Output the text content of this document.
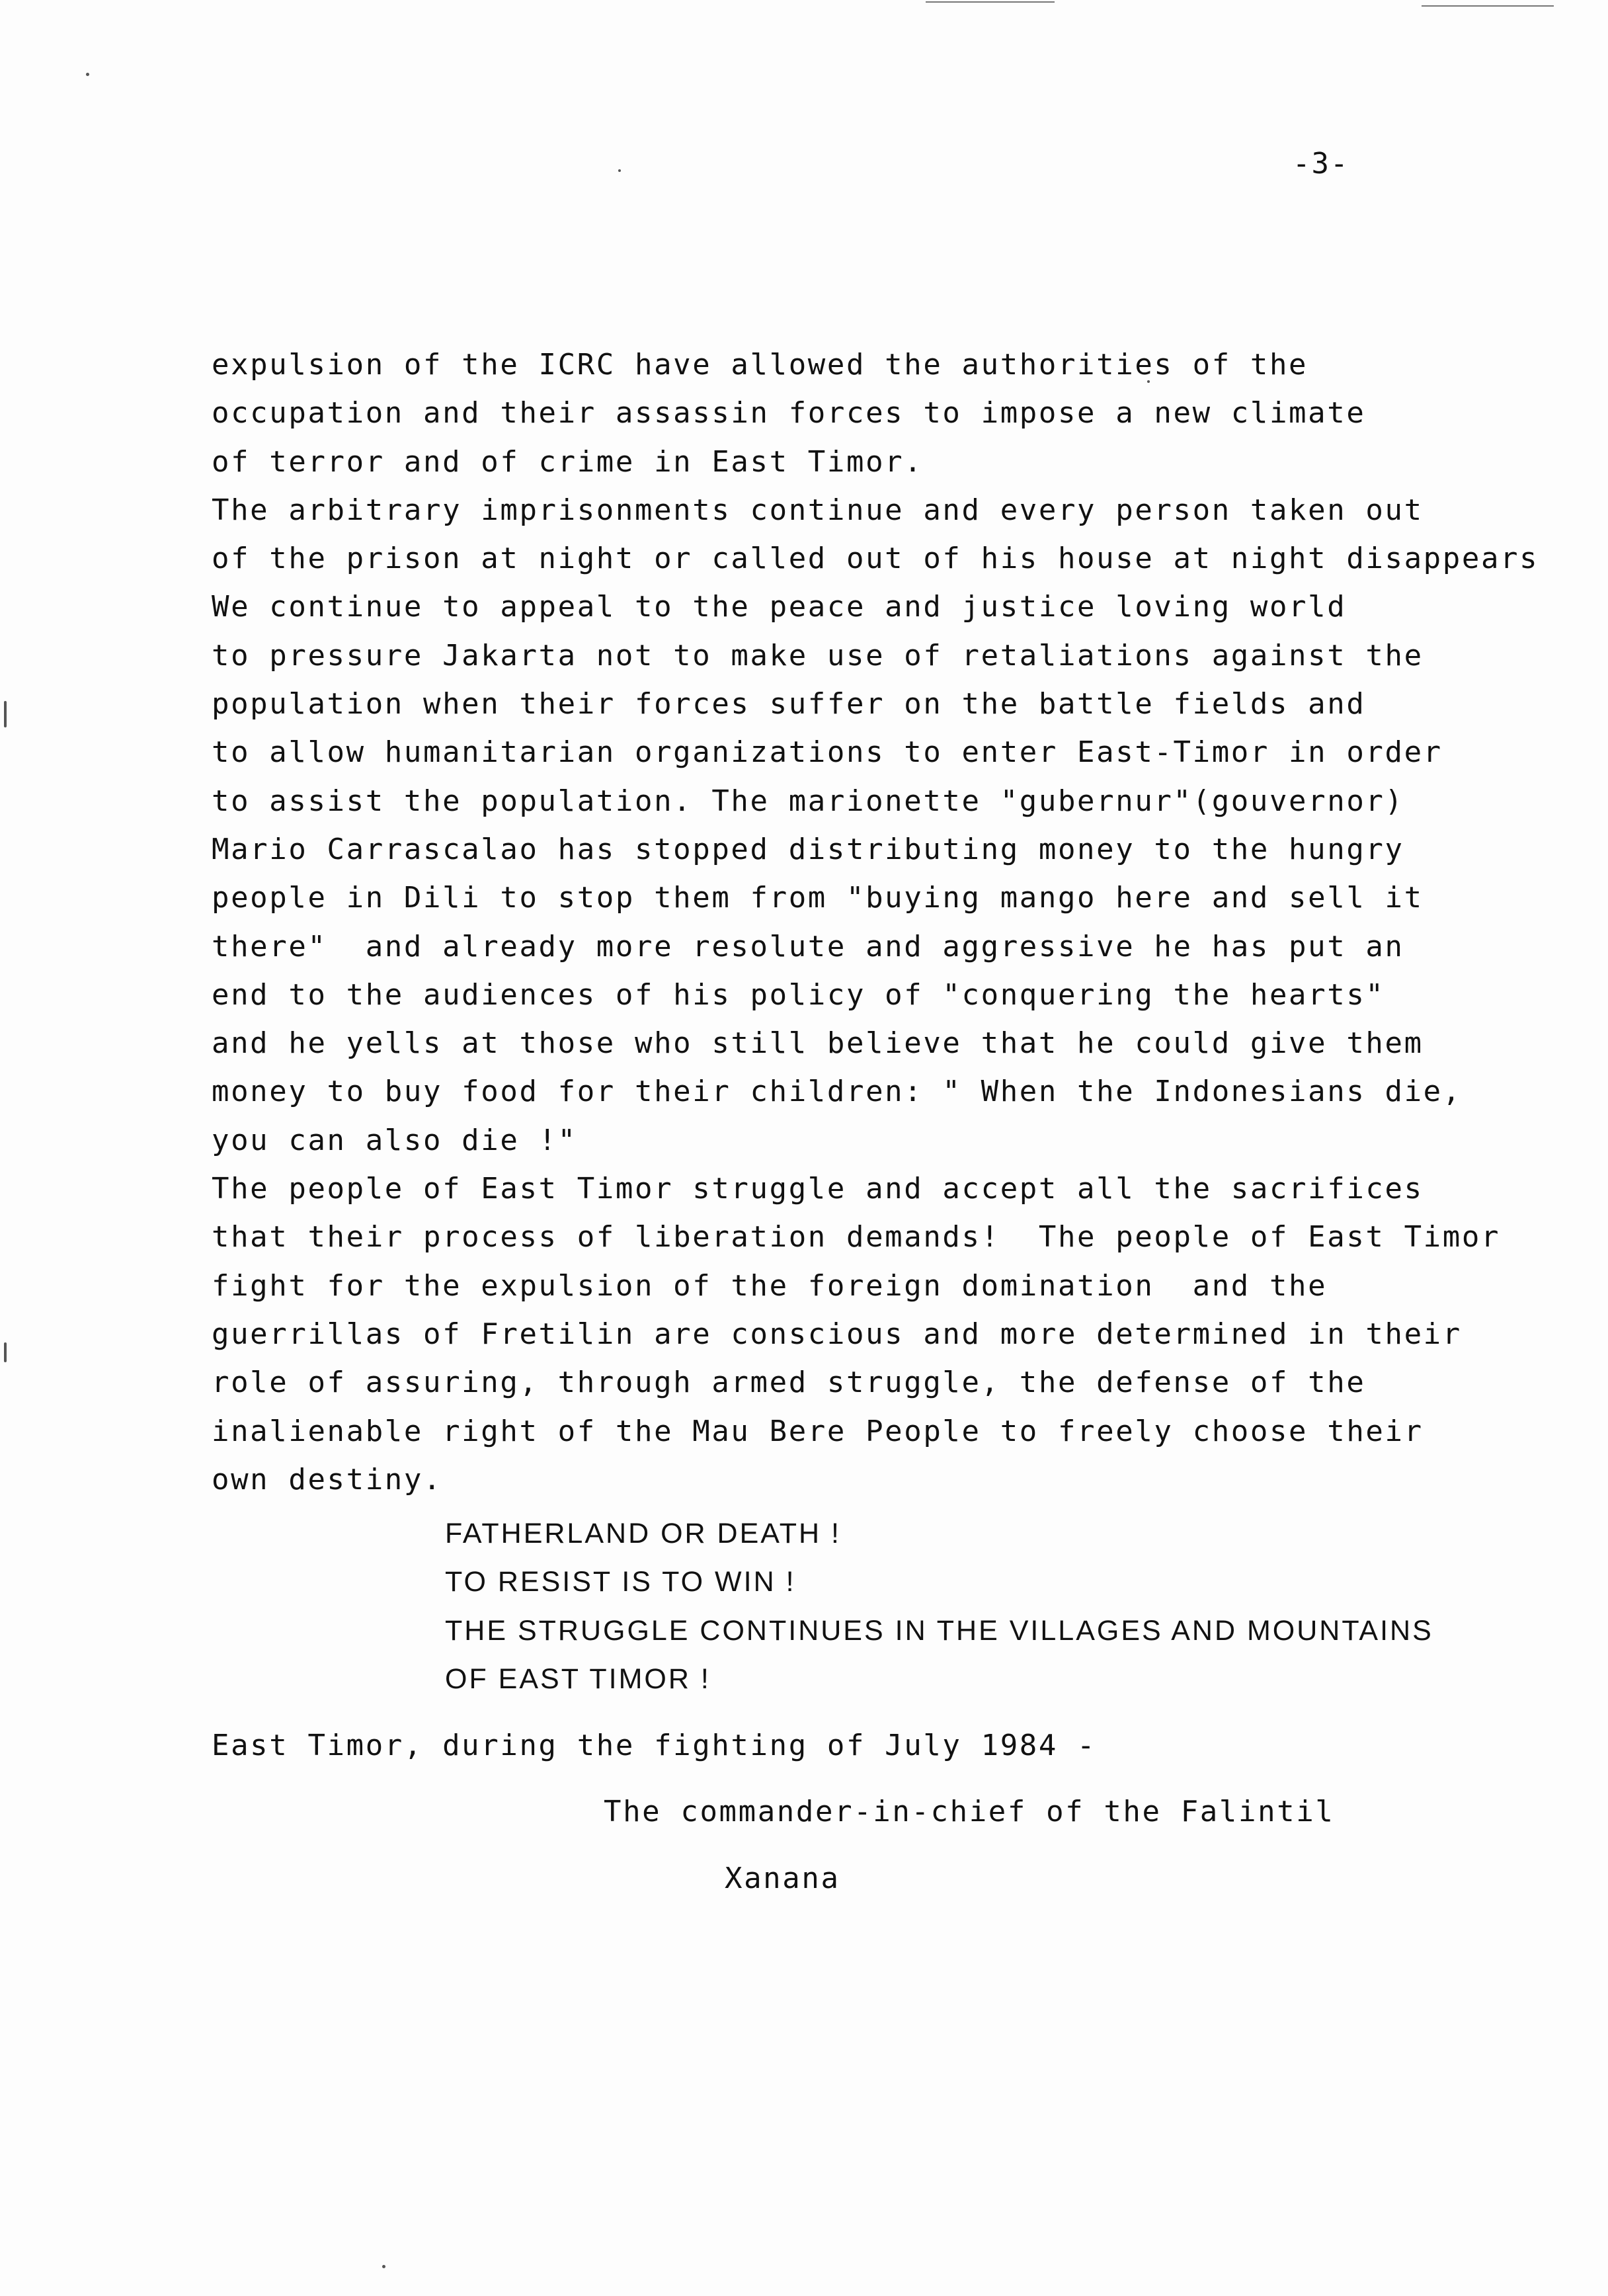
-3-
expulsion of the ICRC have allowed the authorities of the
occupation and their assassin forces to impose a new climate
of terror and of crime in East Timor.
The arbitrary imprisonments continue and every person taken out
of the prison at night or called out of his house at night disappears
We continue to appeal to the peace and justice loving world
to pressure Jakarta not to make use of retaliations against the
population when their forces suffer on the battle fields and
to allow humanitarian organizations to enter East-Timor in order
to assist the population. The marionette "gubernur"(gouvernor)
Mario Carrascalao has stopped distributing money to the hungry
people in Dili to stop them from "buying mango here and sell it
there"  and already more resolute and aggressive he has put an
end to the audiences of his policy of "conquering the hearts"
and he yells at those who still believe that he could give them
money to buy food for their children: " When the Indonesians die,
you can also die !"
The people of East Timor struggle and accept all the sacrifices
that their process of liberation demands!  The people of East Timor
fight for the expulsion of the foreign domination  and the
guerrillas of Fretilin are conscious and more determined in their
role of assuring, through armed struggle, the defense of the
inalienable right of the Mau Bere People to freely choose their
own destiny.
FATHERLAND OR DEATH !
TO RESIST IS TO WIN !
THE STRUGGLE CONTINUES IN THE VILLAGES AND MOUNTAINS
OF EAST TIMOR !
East Timor, during the fighting of July 1984 -
The commander-in-chief of the Falintil
Xanana
